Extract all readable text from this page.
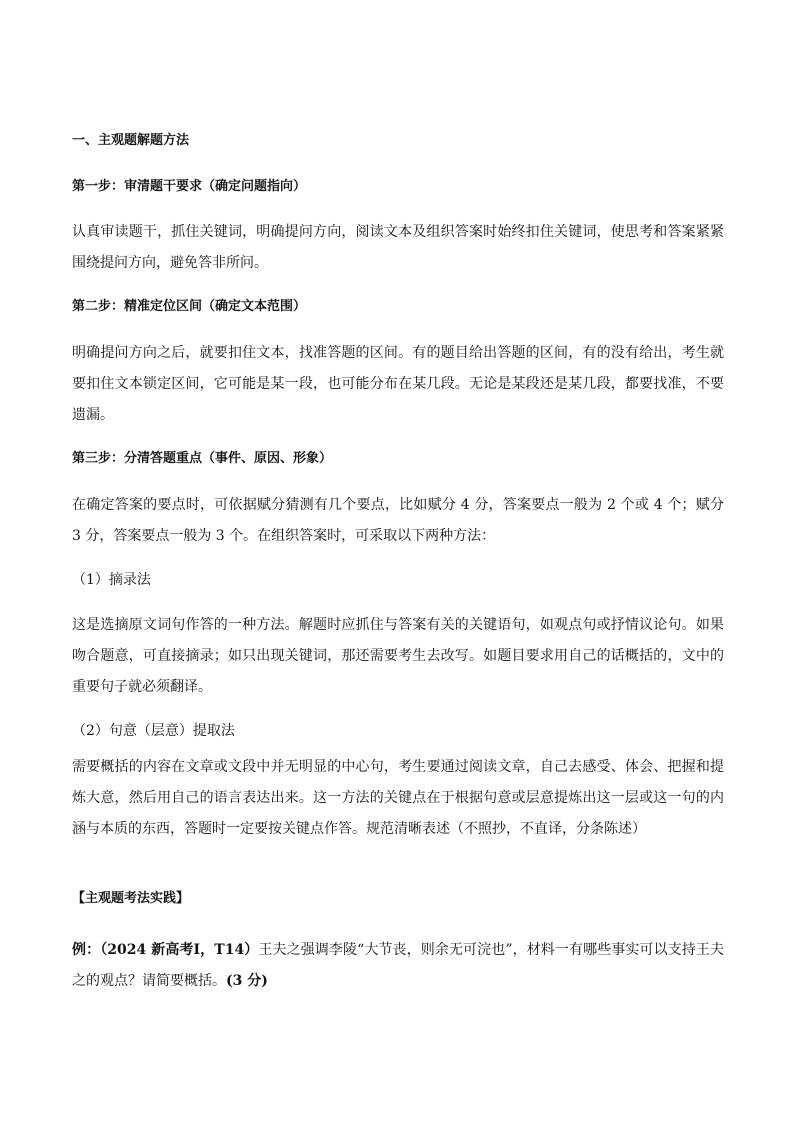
一、主观题解题方法

第一步：审清题干要求（确定问题指向）

认真审读题干，抓住关键词，明确提问方向，阅读文本及组织答案时始终扣住关键词，使思考和答案紧紧围绕提问方向，避免答非所问。

第二步：精准定位区间（确定文本范围）

明确提问方向之后，就要扣住文本，找准答题的区间。有的题目给出答题的区间，有的没有给出，考生就要扣住文本锁定区间，它可能是某一段，也可能分布在某几段。无论是某段还是某几段，都要找准，不要遗漏。

第三步：分清答题重点（事件、原因、形象）

在确定答案的要点时，可依据赋分猜测有几个要点，比如赋分 4 分，答案要点一般为 2 个或 4 个；赋分 3 分，答案要点一般为 3 个。在组织答案时，可采取以下两种方法：

（1）摘录法

这是选摘原文词句作答的一种方法。解题时应抓住与答案有关的关键语句，如观点句或抒情议论句。如果吻合题意，可直接摘录；如只出现关键词，那还需要考生去改写。如题目要求用自己的话概括的，文中的重要句子就必须翻译。

（2）句意（层意）提取法

需要概括的内容在文章或文段中并无明显的中心句，考生要通过阅读文章，自己去感受、体会、把握和提炼大意，然后用自己的语言表达出来。这一方法的关键点在于根据句意或层意提炼出这一层或这一句的内涵与本质的东西，答题时一定要按关键点作答。规范清晰表述（不照抄，不直译，分条陈述）

【主观题考法实践】

例：（2024 新高考Ⅰ，T14）王夫之强调李陵“大节丧，则余无可浣也”，材料一有哪些事实可以支持王夫之的观点？请简要概括。(3 分)
